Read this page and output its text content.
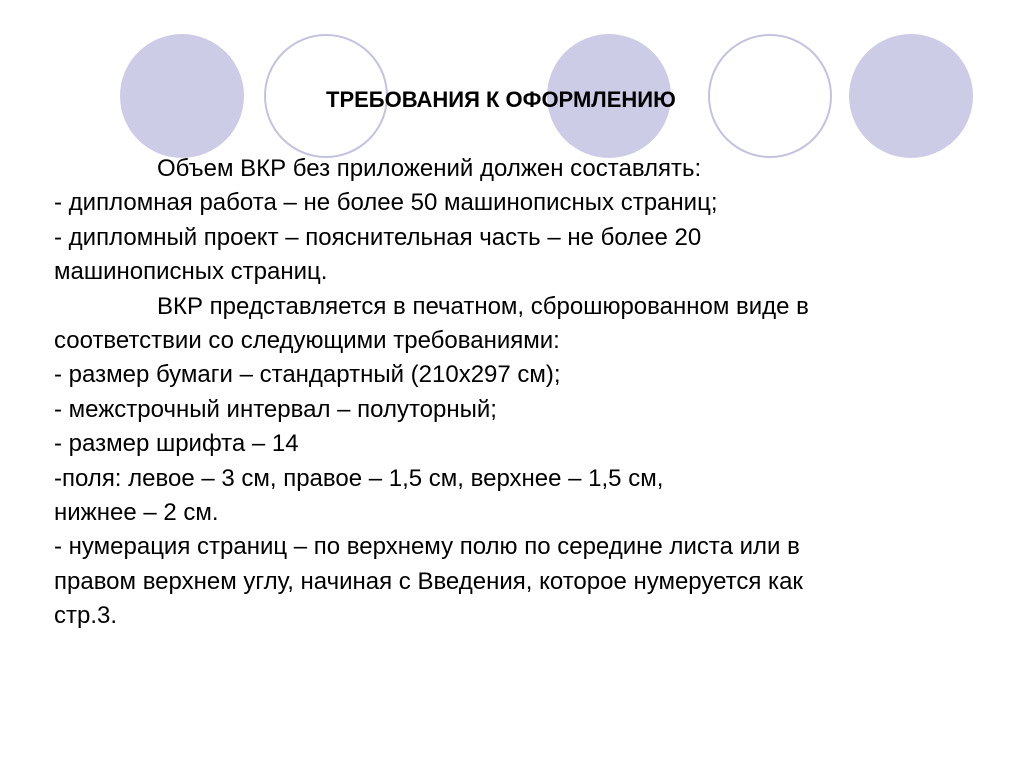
ТРЕБОВАНИЯ К ОФОРМЛЕНИЮ
Объем ВКР без приложений должен составлять:
- дипломная работа – не более 50 машинописных страниц;
- дипломный проект – пояснительная часть – не более 20
машинописных страниц.
ВКР представляется в печатном, сброшюрованном виде в
соответствии со следующими требованиями:
- размер бумаги – стандартный (210х297 см);
- межстрочный интервал – полуторный;
- размер шрифта – 14
-поля: левое – 3 см, правое – 1,5 см, верхнее – 1,5 см,
нижнее – 2 см.
- нумерация страниц – по верхнему полю по середине листа или в
правом верхнем углу, начиная с Введения, которое нумеруется как
стр.3.
